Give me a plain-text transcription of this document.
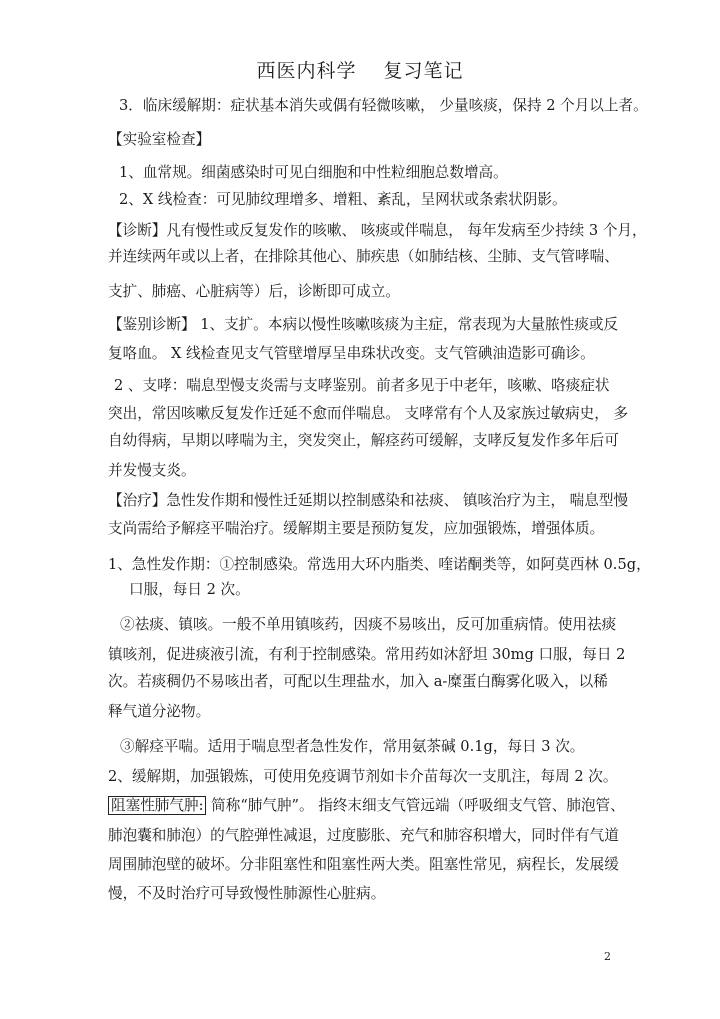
西医内科学 复习笔记
3．临床缓解期：症状基本消失或偶有轻微咳嗽， 少量咳痰，保持 2 个月以上者。
【实验室检查】
1、血常规。细菌感染时可见白细胞和中性粒细胞总数增高。
2、X 线检查：可见肺纹理增多、增粗、紊乱，呈网状或条索状阴影。
【诊断】凡有慢性或反复发作的咳嗽、 咳痰或伴喘息， 每年发病至少持续 3 个月，
并连续两年或以上者，在排除其他心、肺疾患（如肺结核、尘肺、支气管哮喘、
支扩、肺癌、心脏病等）后，诊断即可成立。
【鉴别诊断】 1、支扩。本病以慢性咳嗽咳痰为主症，常表现为大量脓性痰或反
复咯血。 X 线检查见支气管壁增厚呈串珠状改变。支气管碘油造影可确诊。
2 、支哮：喘息型慢支炎需与支哮鉴别。前者多见于中老年，咳嗽、咯痰症状
突出，常因咳嗽反复发作迁延不愈而伴喘息。 支哮常有个人及家族过敏病史， 多
自幼得病，早期以哮喘为主，突发突止，解痉药可缓解，支哮反复发作多年后可
并发慢支炎。
【治疗】急性发作期和慢性迁延期以控制感染和祛痰、 镇咳治疗为主， 喘息型慢
支尚需给予解痉平喘治疗。缓解期主要是预防复发，应加强锻炼，增强体质。
1、急性发作期：①控制感染。常选用大环内脂类、喹诺酮类等，如阿莫西林 0.5g，
口服，每日 2 次。
②祛痰、镇咳。一般不单用镇咳药，因痰不易咳出，反可加重病情。使用祛痰
镇咳剂，促进痰液引流，有利于控制感染。常用药如沐舒坦 30mg 口服，每日 2
次。若痰稠仍不易咳出者，可配以生理盐水，加入 a-糜蛋白酶雾化吸入，以稀
释气道分泌物。
③解痉平喘。适用于喘息型者急性发作，常用氨茶碱 0.1g，每日 3 次。
2、缓解期，加强锻炼，可使用免疫调节剂如卡介苗每次一支肌注，每周 2 次。
阻塞性肺气肿: 简称“肺气肿”。 指终末细支气管远端（呼吸细支气管、肺泡管、
肺泡囊和肺泡）的气腔弹性减退，过度膨胀、充气和肺容积增大，同时伴有气道
周围肺泡壁的破坏。分非阻塞性和阻塞性两大类。阻塞性常见，病程长，发展缓
慢，不及时治疗可导致慢性肺源性心脏病。
2
